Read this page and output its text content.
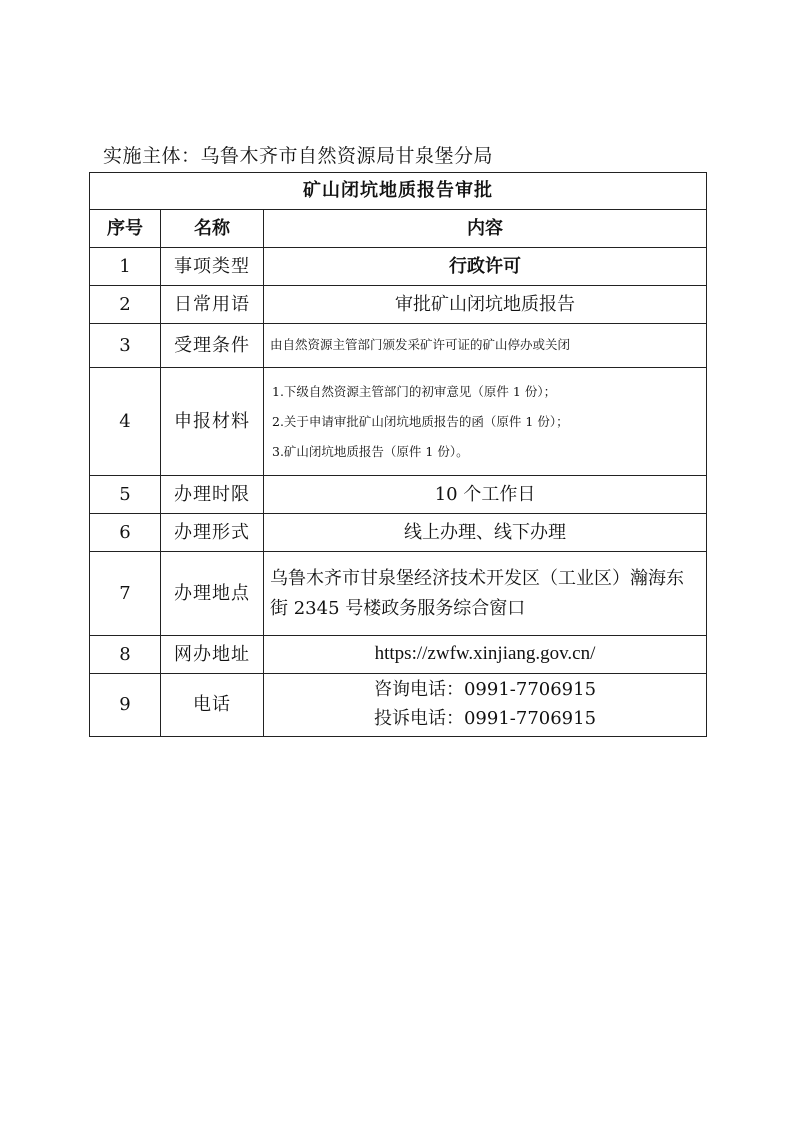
实施主体：乌鲁木齐市自然资源局甘泉堡分局
矿山闭坑地质报告审批		
序号	名称	内容
1	事项类型	行政许可
2	日常用语	审批矿山闭坑地质报告
3	受理条件	由自然资源主管部门颁发采矿许可证的矿山停办或关闭
4	申报材料	1.下级自然资源主管部门的初审意见（原件 1 份）；
2.关于申请审批矿山闭坑地质报告的函（原件 1 份）；
3.矿山闭坑地质报告（原件 1 份）。

5	办理时限	10 个工作日
6	办理形式	线上办理、线下办理
7	办理地点	乌鲁木齐市甘泉堡经济技术开发区（工业区）瀚海东街 2345 号楼政务服务综合窗口
8	网办地址	https://zwfw.xinjiang.gov.cn/
9	电话	咨询电话：0991-7706915
投诉电话：0991-7706915
